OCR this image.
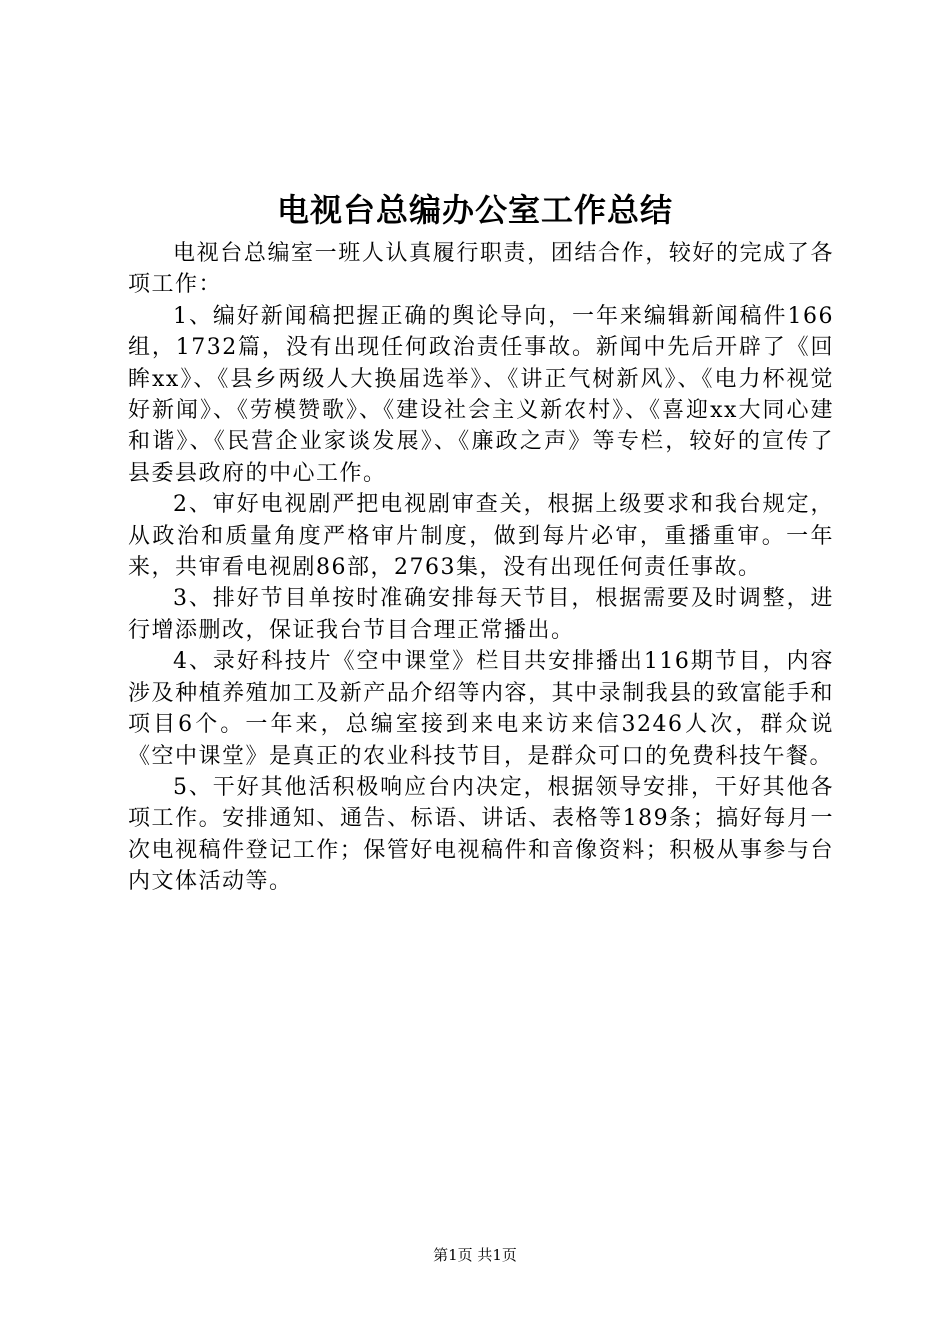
电视台总编办公室工作总结

电视台总编室一班人认真履行职责，团结合作，较好的完成了各项工作：

1、编好新闻稿把握正确的舆论导向，一年来编辑新闻稿件166组，1732篇，没有出现任何政治责任事故。新闻中先后开辟了《回眸xx》、《县乡两级人大换届选举》、《讲正气树新风》、《电力杯视觉好新闻》、《劳模赞歌》、《建设社会主义新农村》、《喜迎xx大同心建和谐》、《民营企业家谈发展》、《廉政之声》等专栏，较好的宣传了县委县政府的中心工作。

2、审好电视剧严把电视剧审查关，根据上级要求和我台规定，从政治和质量角度严格审片制度，做到每片必审，重播重审。一年来，共审看电视剧86部，2763集，没有出现任何责任事故。

3、排好节目单按时准确安排每天节目，根据需要及时调整，进行增添删改，保证我台节目合理正常播出。

4、录好科技片《空中课堂》栏目共安排播出116期节目，内容涉及种植养殖加工及新产品介绍等内容，其中录制我县的致富能手和项目6个。一年来，总编室接到来电来访来信3246人次，群众说《空中课堂》是真正的农业科技节目，是群众可口的免费科技午餐。

5、干好其他活积极响应台内决定，根据领导安排，干好其他各项工作。安排通知、通告、标语、讲话、表格等189条；搞好每月一次电视稿件登记工作；保管好电视稿件和音像资料；积极从事参与台内文体活动等。

第1页 共1页
